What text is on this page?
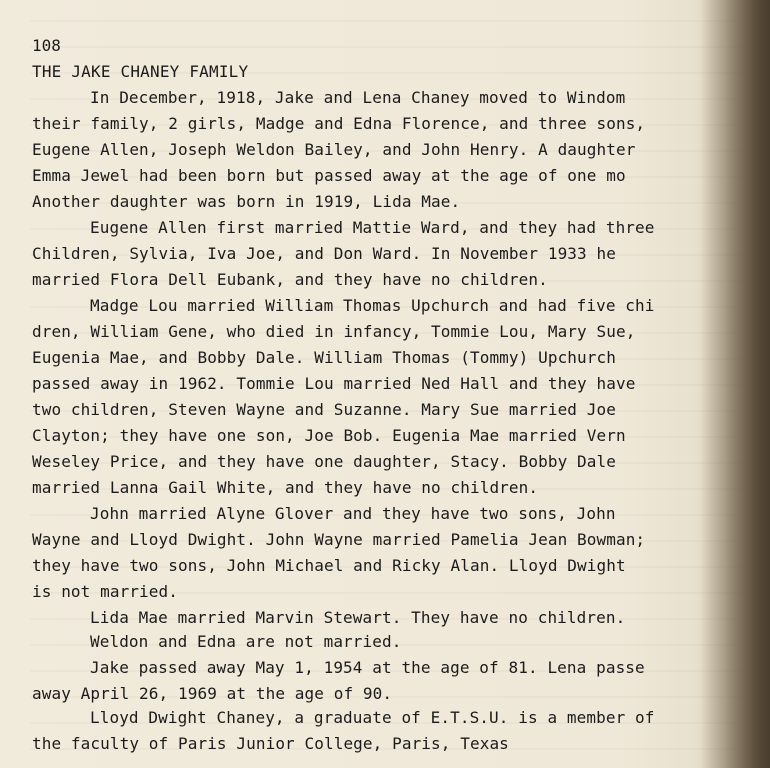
108
THE JAKE CHANEY FAMILY
In December, 1918, Jake and Lena Chaney moved to Windom
their family, 2 girls, Madge and Edna Florence, and three sons,
Eugene Allen, Joseph Weldon Bailey, and John Henry. A daughter
Emma Jewel had been born but passed away at the age of one mo
Another daughter was born in 1919, Lida Mae.
Eugene Allen first married Mattie Ward, and they had three
Children, Sylvia, Iva Joe, and Don Ward. In November 1933 he
married Flora Dell Eubank, and they have no children.
Madge Lou married William Thomas Upchurch and had five chi
dren, William Gene, who died in infancy, Tommie Lou, Mary Sue,
Eugenia Mae, and Bobby Dale. William Thomas (Tommy) Upchurch
passed away in 1962. Tommie Lou married Ned Hall and they have
two children, Steven Wayne and Suzanne. Mary Sue married Joe
Clayton; they have one son, Joe Bob. Eugenia Mae married Vern
Weseley Price, and they have one daughter, Stacy. Bobby Dale
married Lanna Gail White, and they have no children.
John married Alyne Glover and they have two sons, John
Wayne and Lloyd Dwight. John Wayne married Pamelia Jean Bowman;
they have two sons, John Michael and Ricky Alan. Lloyd Dwight
is not married.
Lida Mae married Marvin Stewart. They have no children.
Weldon and Edna are not married.
Jake passed away May 1, 1954 at the age of 81. Lena passe
away April 26, 1969 at the age of 90.
Lloyd Dwight Chaney, a graduate of E.T.S.U. is a member of
the faculty of Paris Junior College, Paris, Texas
